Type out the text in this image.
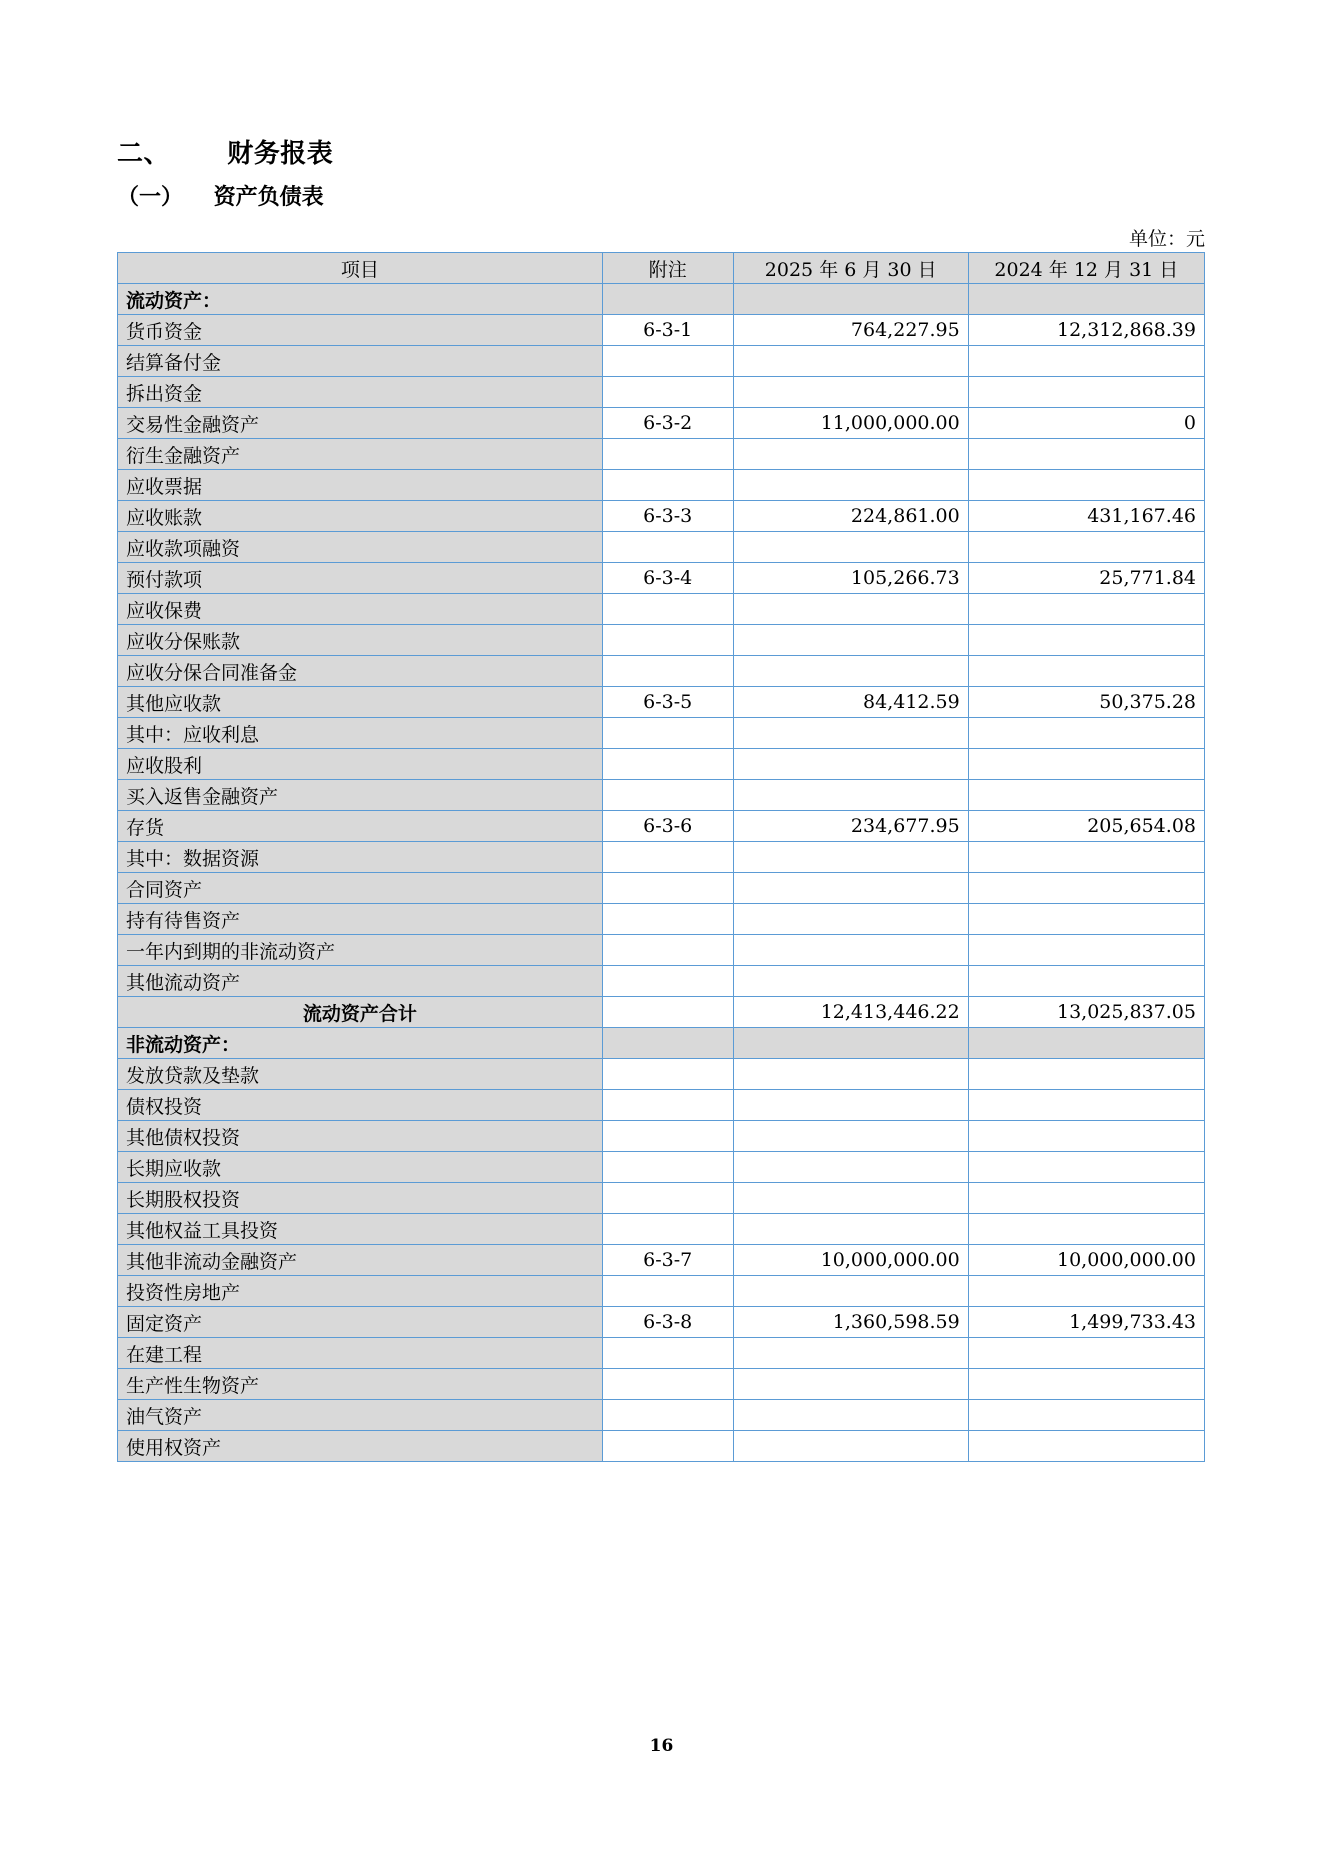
二、      财务报表
（一）    资产负债表
单位：元
项目	附注	2025 年 6 月 30 日	2024 年 12 月 31 日
流动资产：			
货币资金	6-3-1	764,227.95	12,312,868.39
结算备付金			
拆出资金			
交易性金融资产	6-3-2	11,000,000.00	0
衍生金融资产			
应收票据			
应收账款	6-3-3	224,861.00	431,167.46
应收款项融资			
预付款项	6-3-4	105,266.73	25,771.84
应收保费			
应收分保账款			
应收分保合同准备金			
其他应收款	6-3-5	84,412.59	50,375.28
其中：应收利息			
应收股利			
买入返售金融资产			
存货	6-3-6	234,677.95	205,654.08
其中：数据资源			
合同资产			
持有待售资产			
一年内到期的非流动资产			
其他流动资产			
流动资产合计		12,413,446.22	13,025,837.05
非流动资产：			
发放贷款及垫款			
债权投资			
其他债权投资			
长期应收款			
长期股权投资			
其他权益工具投资			
其他非流动金融资产	6-3-7	10,000,000.00	10,000,000.00
投资性房地产			
固定资产	6-3-8	1,360,598.59	1,499,733.43
在建工程			
生产性生物资产			
油气资产			
使用权资产			
16
